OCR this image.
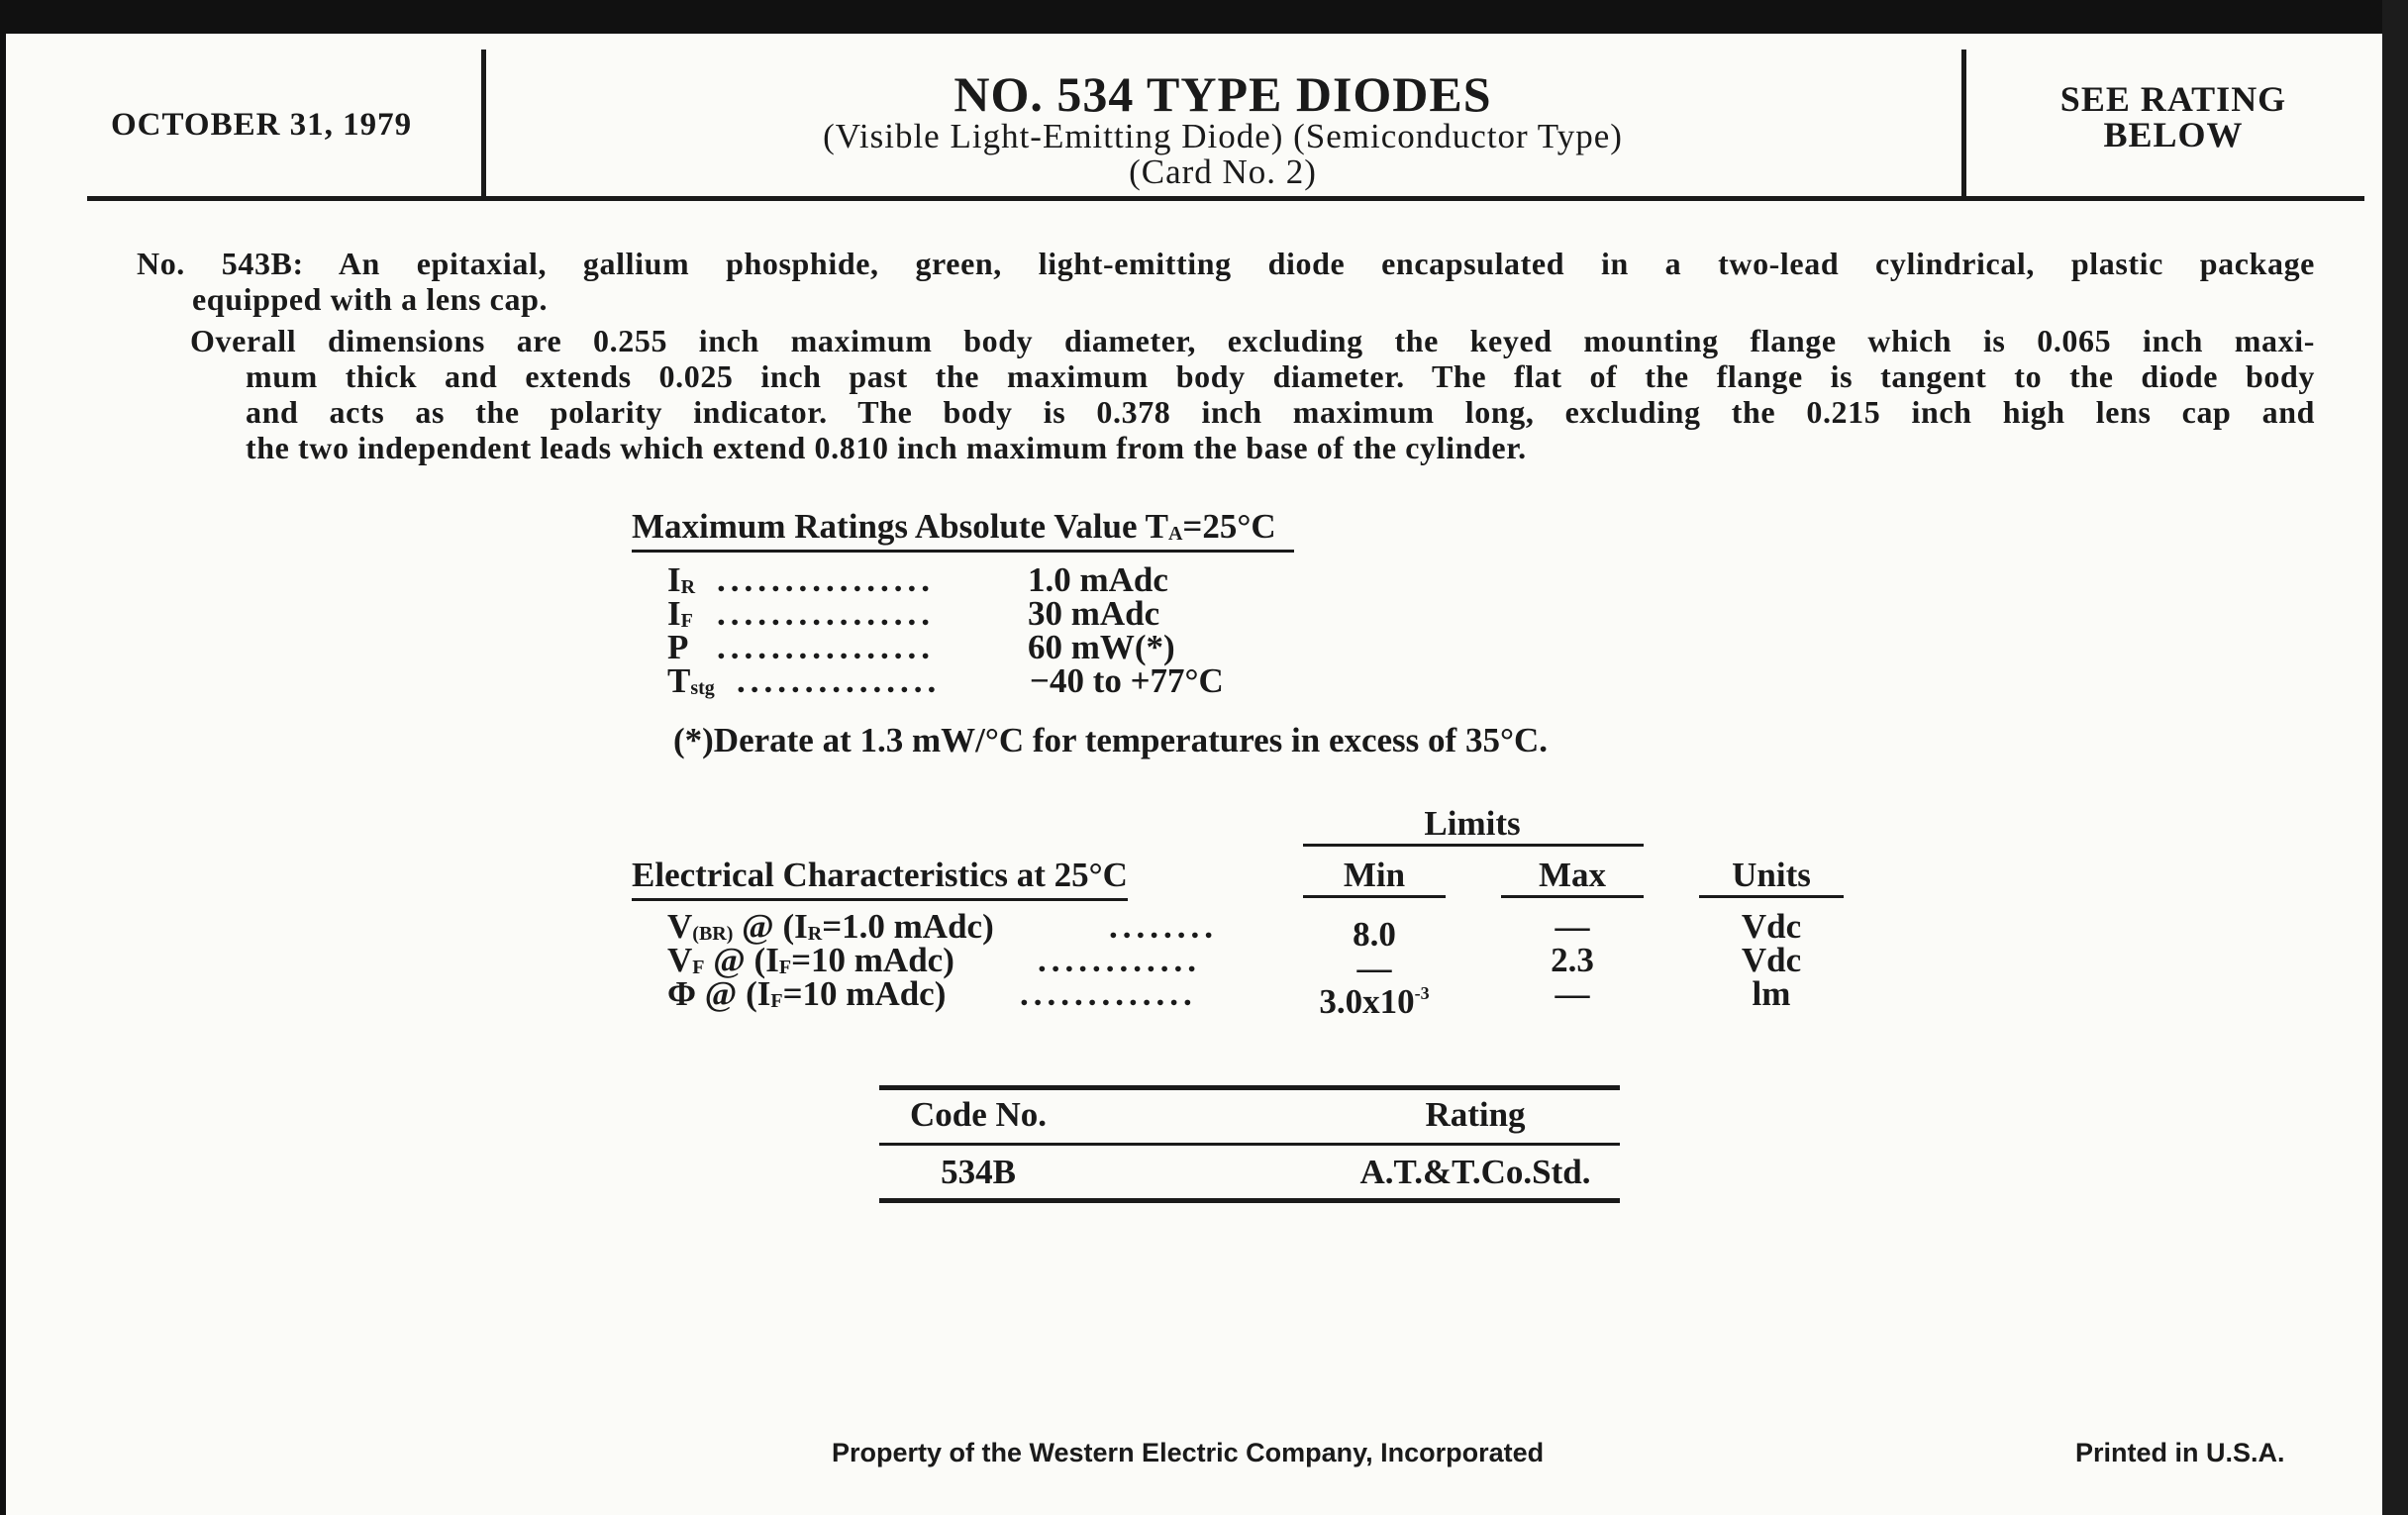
OCTOBER 31, 1979
NO. 534 TYPE DIODES
(Visible Light-Emitting Diode) (Semiconductor Type)
(Card No. 2)
SEE RATING
BELOW
No. 543B: An epitaxial, gallium phosphide, green, light-emitting diode encapsulated in a two-lead cylindrical, plastic package
equipped with a lens cap.
Overall dimensions are 0.255 inch maximum body diameter, excluding the keyed mounting flange which is 0.065 inch maxi-
mum thick and extends 0.025 inch past the maximum body diameter. The flat of the flange is tangent to the diode body
and acts as the polarity indicator. The body is 0.378 inch maximum long, excluding the 0.215 inch high lens cap and
the two independent leads which extend 0.810 inch maximum from the base of the cylinder.
Maximum Ratings Absolute Value $T_A=25^\circ C$
$I_R$ ................	1.0 mAdc
$I_F$ ................	30 mAdc
P ................	60 mW(*)
$T_{stg}$ ...............	−40 to +77°C
(*)Derate at 1.3 mW/°C for temperatures in excess of 35°C.
Limits
Electrical Characteristics at 25°C	Min	Max	Units
$V_{(BR)}$ @ ($I_R=1.0$ mAdc)	........	8.0	—	Vdc
$V_F$ @ ($I_F=10$ mAdc) ............	—	2.3	Vdc
Φ @ ($I_F=10$ mAdc) .............	$3.0x10^{-3}$	—	lm
Code No.	Rating
534B	A.T.&T.Co.Std.
Property of the Western Electric Company, Incorporated	Printed in U.S.A.
